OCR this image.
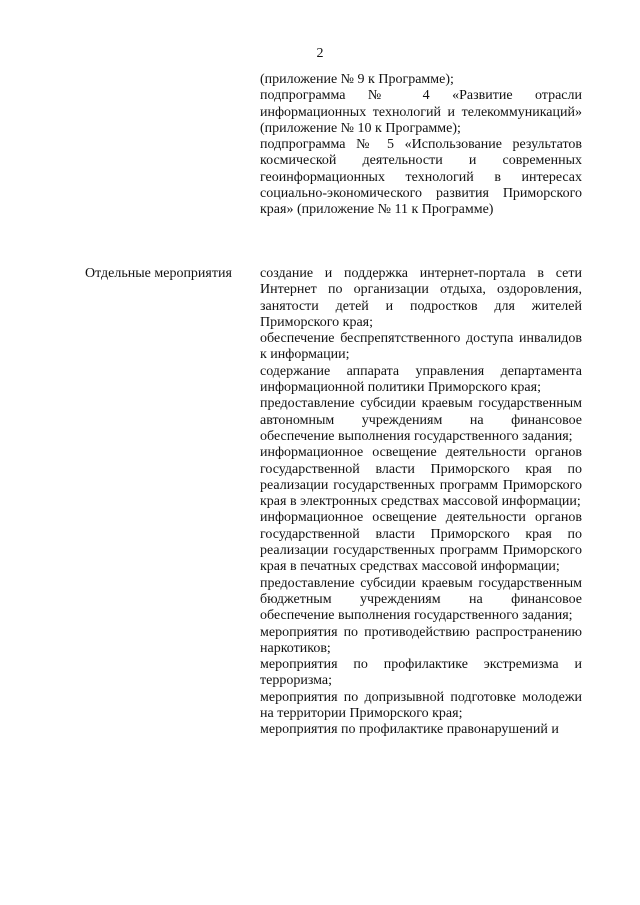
2

(приложение № 9 к Программе);

подпрограмма № 4 «Развитие отрасли информационных технологий и телекоммуникаций» (приложение № 10 к Программе);

подпрограмма № 5 «Использование результатов космической деятельности и современных геоинформационных технологий в интересах социально-экономического развития Приморского края» (приложение № 11 к Программе)

Отдельные мероприятия создание и поддержка интернет-портала в сети Интернет по организации отдыха, оздоровления, занятости детей и подростков для жителей Приморского края;

обеспечение беспрепятственного доступа инвалидов к информации;

содержание аппарата управления департамента информационной политики Приморского края;

предоставление субсидии краевым государственным автономным учреждениям на финансовое обеспечение выполнения государственного задания;

информационное освещение деятельности органов государственной власти Приморского края по реализации государственных программ Приморского края в электронных средствах массовой информации;

информационное освещение деятельности органов государственной власти Приморского края по реализации государственных программ Приморского края в печатных средствах массовой информации;

предоставление субсидии краевым государственным бюджетным учреждениям на финансовое обеспечение выполнения государственного задания;

мероприятия по противодействию распространению наркотиков;

мероприятия по профилактике экстремизма и терроризма;

мероприятия по допризывной подготовке молодежи на территории Приморского края;

мероприятия по профилактике правонарушений и
